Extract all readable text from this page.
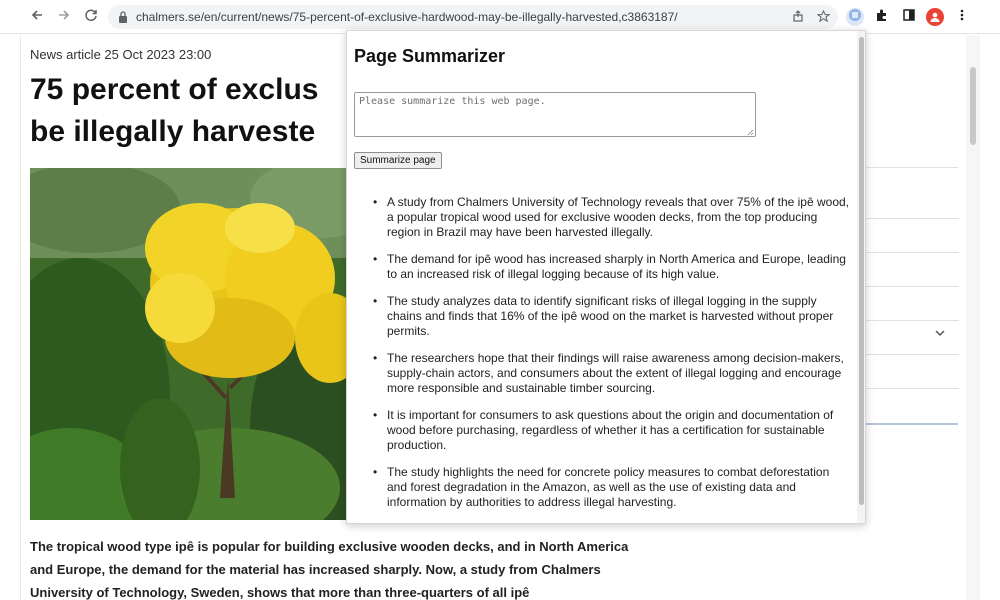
chalmers.se/en/current/news/75-percent-of-exclusive-hardwood-may-be-illegally-harvested,c3863187/
News article 25 Oct 2023 23:00
75 percent of exclus
be illegally harveste
The tropical wood type ipê is popular for building exclusive wooden decks, and in North America and Europe, the demand for the material has increased sharply. Now, a study from Chalmers University of Technology, Sweden, shows that more than three-quarters of all ipê
Page Summarizer
Please summarize this web page.
Summarize page
• A study from Chalmers University of Technology reveals that over 75% of the ipê wood, a popular tropical wood used for exclusive wooden decks, from the top producing region in Brazil may have been harvested illegally.
• The demand for ipê wood has increased sharply in North America and Europe, leading to an increased risk of illegal logging because of its high value.
• The study analyzes data to identify significant risks of illegal logging in the supply chains and finds that 16% of the ipê wood on the market is harvested without proper permits.
• The researchers hope that their findings will raise awareness among decision-makers, supply-chain actors, and consumers about the extent of illegal logging and encourage more responsible and sustainable timber sourcing.
• It is important for consumers to ask questions about the origin and documentation of wood before purchasing, regardless of whether it has a certification for sustainable production.
• The study highlights the need for concrete policy measures to combat deforestation and forest degradation in the Amazon, as well as the use of existing data and information by authorities to address illegal harvesting.
